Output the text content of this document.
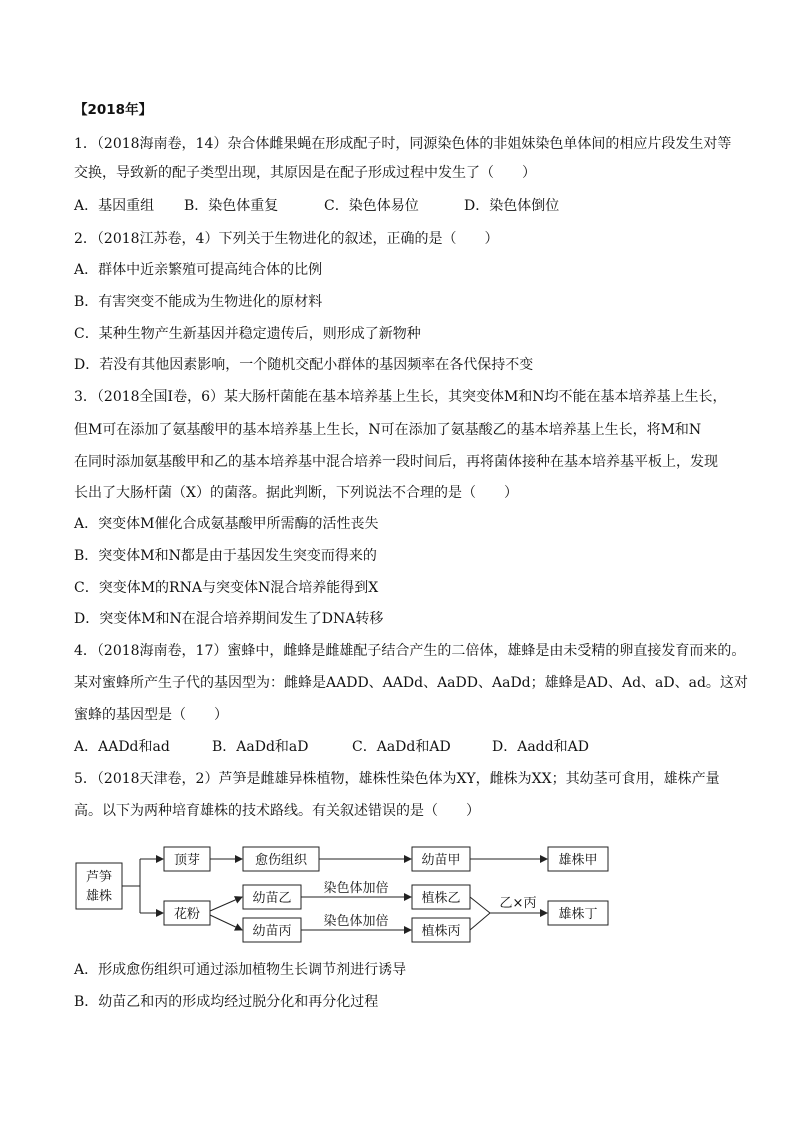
【2018年】
1．（2018海南卷，14）杂合体雌果蝇在形成配子时，同源染色体的非姐妹染色单体间的相应片段发生对等
交换，导致新的配子类型出现，其原因是在配子形成过程中发生了（　　）
A．基因重组 B．染色体重复	C．染色体易位	D．染色体倒位
2．（2018江苏卷，4）下列关于生物进化的叙述，正确的是（　　）
A．群体中近亲繁殖可提高纯合体的比例
B．有害突变不能成为生物进化的原材料
C．某种生物产生新基因并稳定遗传后，则形成了新物种
D．若没有其他因素影响，一个随机交配小群体的基因频率在各代保持不变
3．（2018全国Ⅰ卷，6）某大肠杆菌能在基本培养基上生长，其突变体M和N均不能在基本培养基上生长，
但M可在添加了氨基酸甲的基本培养基上生长，N可在添加了氨基酸乙的基本培养基上生长，将M和N
在同时添加氨基酸甲和乙的基本培养基中混合培养一段时间后，再将菌体接种在基本培养基平板上，发现
长出了大肠杆菌（X）的菌落。据此判断，下列说法不合理的是（　　）
A．突变体M催化合成氨基酸甲所需酶的活性丧失
B．突变体M和N都是由于基因发生突变而得来的
C．突变体M的RNA与突变体N混合培养能得到X
D．突变体M和N在混合培养期间发生了DNA转移
4．（2018海南卷，17）蜜蜂中，雌蜂是雌雄配子结合产生的二倍体，雄蜂是由未受精的卵直接发育而来的。
某对蜜蜂所产生子代的基因型为：雌蜂是AADD、AADd、AaDD、AaDd；雄蜂是AD、Ad、aD、ad。这对
蜜蜂的基因型是（　　）
A．AADd和ad	B．AaDd和aD	C．AaDd和AD	D．Aadd和AD
5．（2018天津卷，2）芦笋是雌雄异株植物，雄株性染色体为XY，雌株为XX；其幼茎可食用，雄株产量
高。以下为两种培育雄株的技术路线。有关叙述错误的是（　　）
芦笋
雄株
顶芽	愈伤组织	幼苗甲	雄株甲
花粉
幼苗乙
幼苗丙
染色体加倍
染色体加倍
植株乙
植株丙
乙×丙
雄株丁
A．形成愈伤组织可通过添加植物生长调节剂进行诱导
B．幼苗乙和丙的形成均经过脱分化和再分化过程
